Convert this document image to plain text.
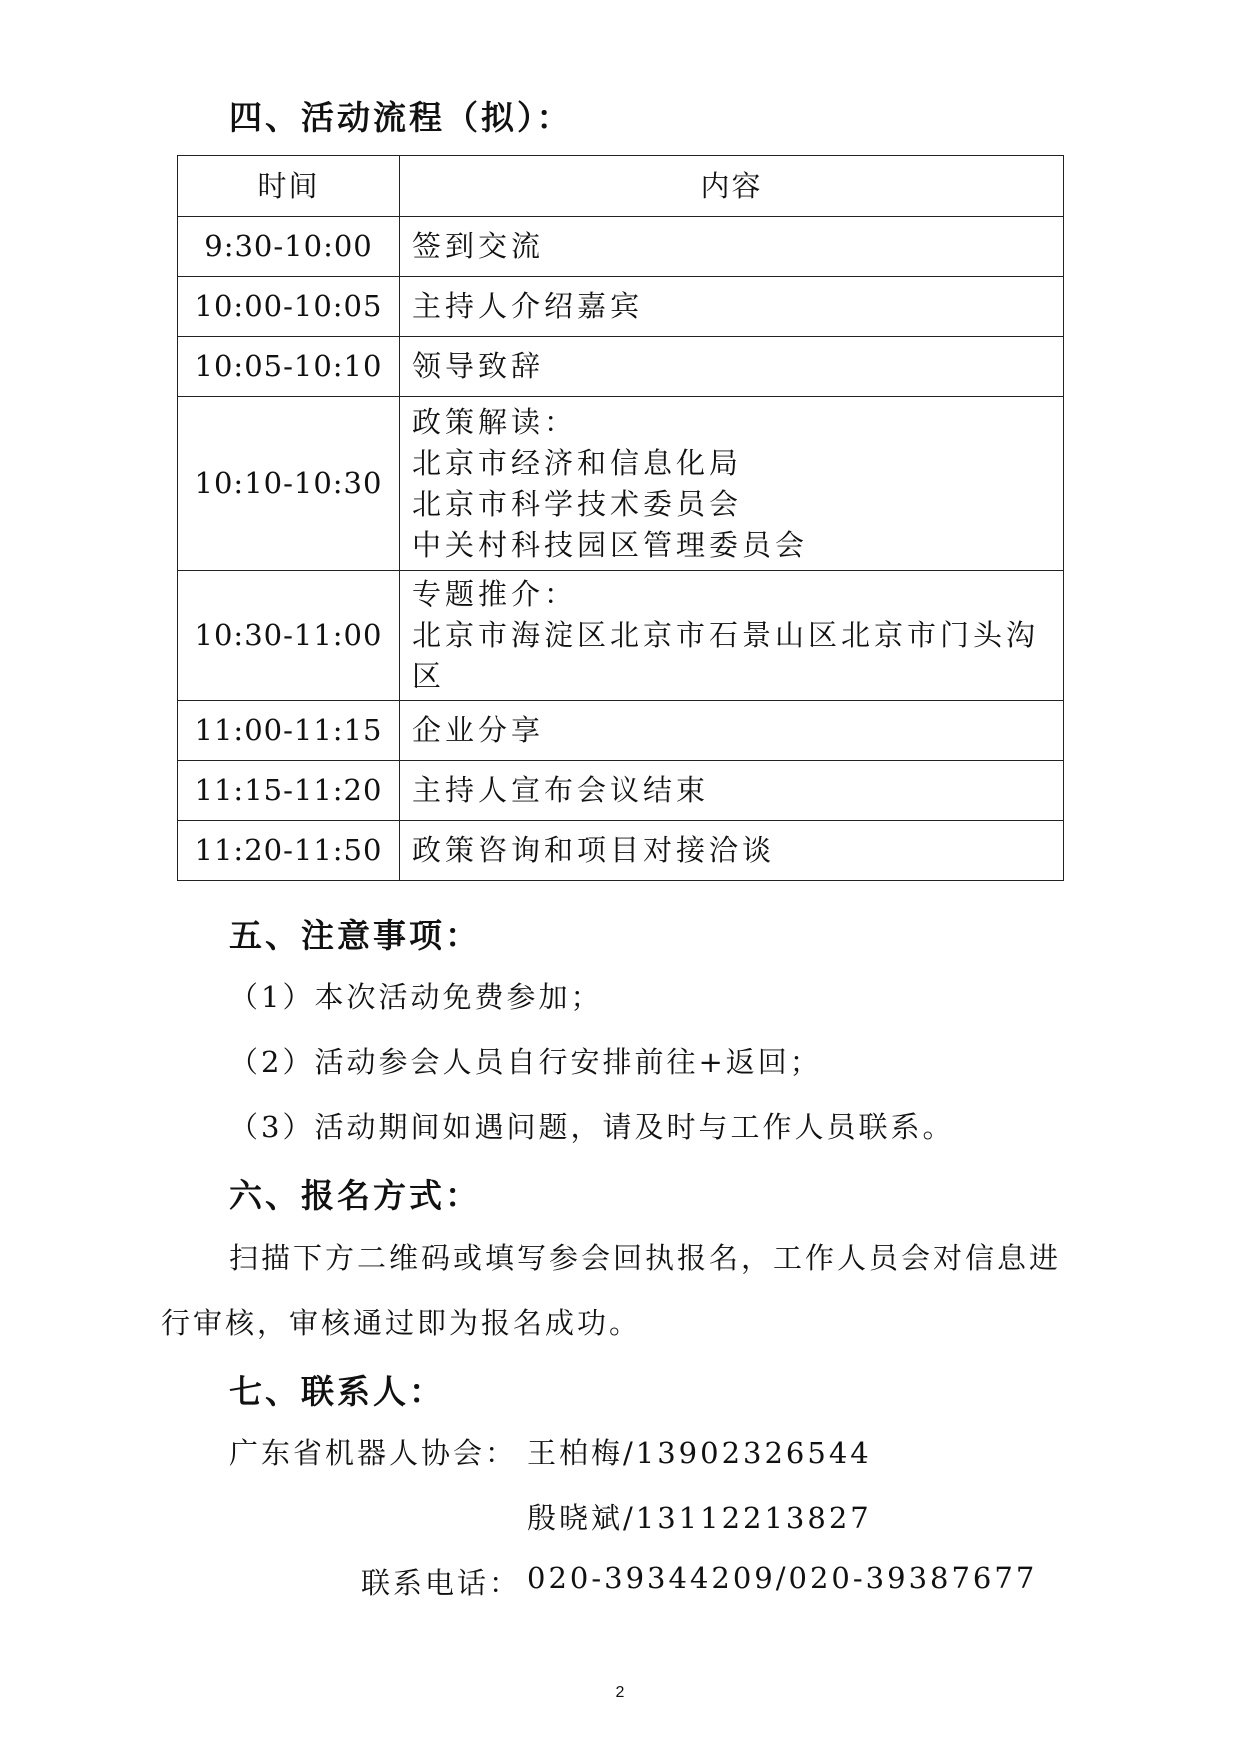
四、活动流程（拟）：
时间	内容
9:30-10:00	签到交流

10:00-10:05	主持人介绍嘉宾

10:05-10:10	领导致辞

10:10-10:30	政策解读：
北京市经济和信息化局
北京市科学技术委员会
中关村科技园区管理委员会

10:30-11:00	专题推介：
北京市海淀区北京市石景山区北京市门头沟区

11:00-11:15	企业分享

11:15-11:20	主持人宣布会议结束

11:20-11:50	政策咨询和项目对接洽谈
五、注意事项：
（1）本次活动免费参加；
（2）活动参会人员自行安排前往+返回；
（3）活动期间如遇问题，请及时与工作人员联系。
六、报名方式：
扫描下方二维码或填写参会回执报名，工作人员会对信息进
行审核，审核通过即为报名成功。
七、联系人：
广东省机器人协会： 王柏梅/13902326544
殷晓斌/13112213827
联系电话： 020-39344209/020-39387677
2
